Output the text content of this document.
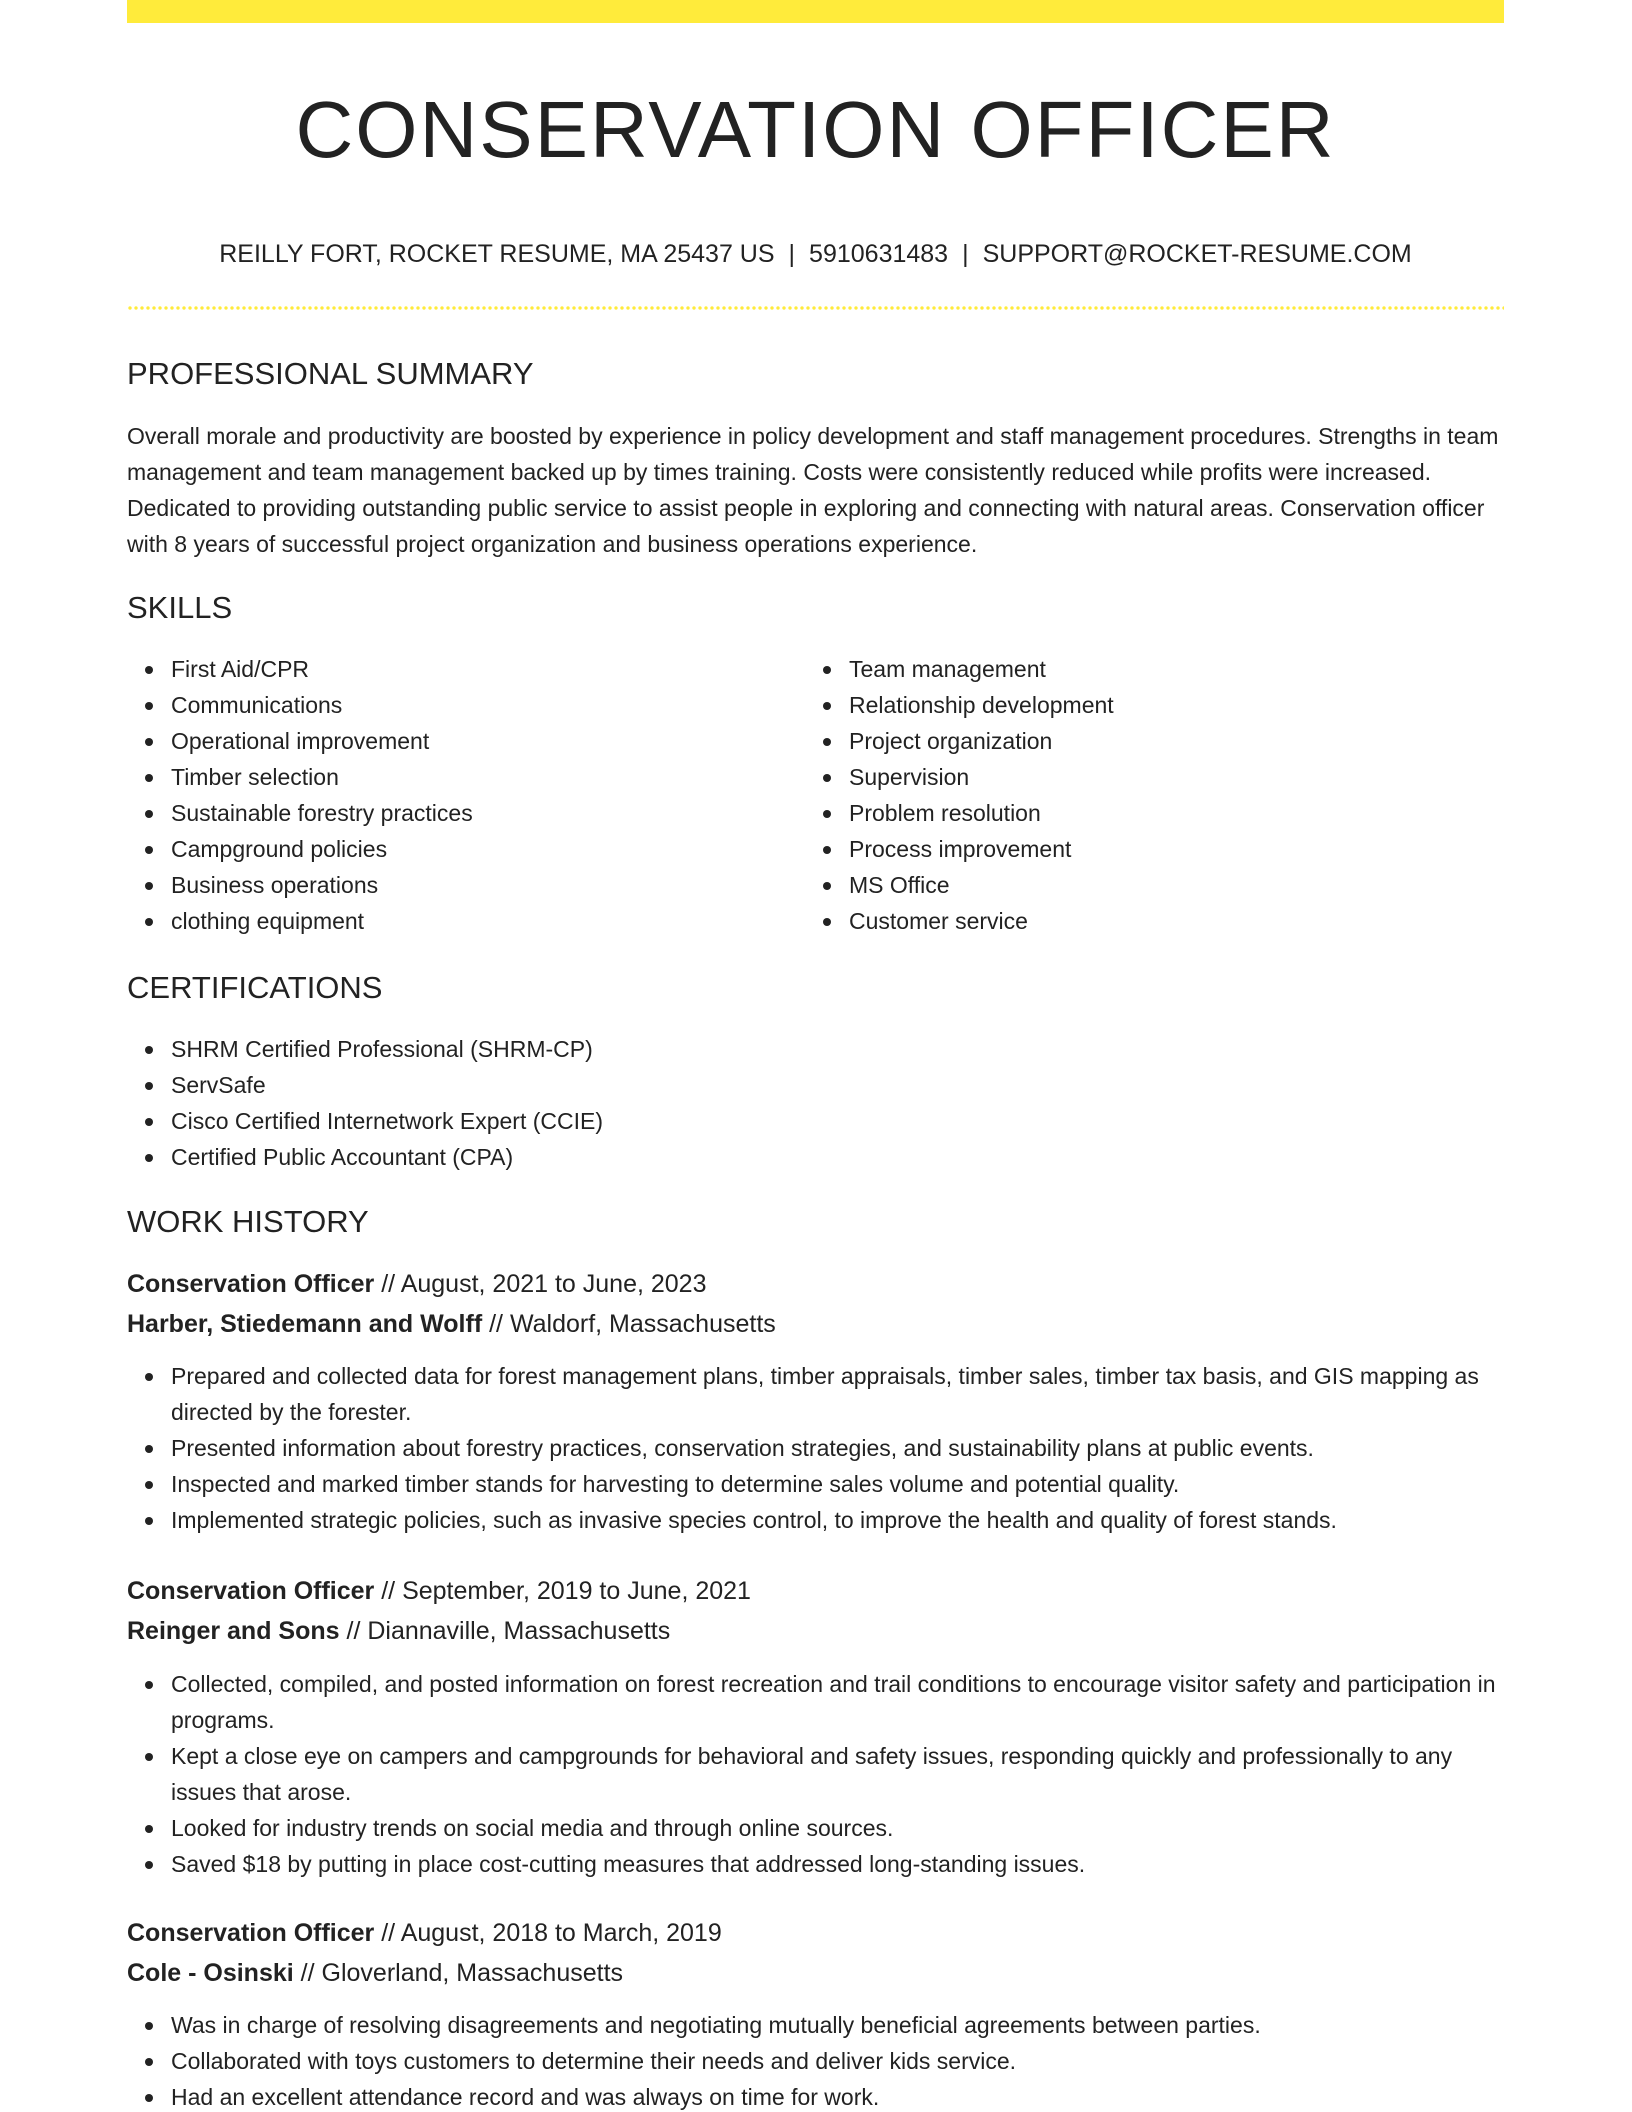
CONSERVATION OFFICER
REILLY FORT, ROCKET RESUME, MA 25437 US | 5910631483 | SUPPORT@ROCKET-RESUME.COM
PROFESSIONAL SUMMARY

Overall morale and productivity are boosted by experience in policy development and staff management procedures. Strengths in team management and team management backed up by times training. Costs were consistently reduced while profits were increased. Dedicated to providing outstanding public service to assist people in exploring and connecting with natural areas. Conservation officer with 8 years of successful project organization and business operations experience.

SKILLS
First Aid/CPR
Communications
Operational improvement
Timber selection
Sustainable forestry practices
Campground policies
Business operations
clothing equipment
Team management
Relationship development
Project organization
Supervision
Problem resolution
Process improvement
MS Office
Customer service
CERTIFICATIONS
SHRM Certified Professional (SHRM-CP)
ServSafe
Cisco Certified Internetwork Expert (CCIE)
Certified Public Accountant (CPA)
WORK HISTORY
Conservation Officer // August, 2021 to June, 2023
Harber, Stiedemann and Wolff // Waldorf, Massachusetts
Prepared and collected data for forest management plans, timber appraisals, timber sales, timber tax basis, and GIS mapping as directed by the forester.
Presented information about forestry practices, conservation strategies, and sustainability plans at public events.
Inspected and marked timber stands for harvesting to determine sales volume and potential quality.
Implemented strategic policies, such as invasive species control, to improve the health and quality of forest stands.
Conservation Officer // September, 2019 to June, 2021
Reinger and Sons // Diannaville, Massachusetts
Collected, compiled, and posted information on forest recreation and trail conditions to encourage visitor safety and participation in programs.
Kept a close eye on campers and campgrounds for behavioral and safety issues, responding quickly and professionally to any issues that arose.
Looked for industry trends on social media and through online sources.
Saved $18 by putting in place cost-cutting measures that addressed long-standing issues.
Conservation Officer // August, 2018 to March, 2019
Cole - Osinski // Gloverland, Massachusetts
Was in charge of resolving disagreements and negotiating mutually beneficial agreements between parties.
Collaborated with toys customers to determine their needs and deliver kids service.
Had an excellent attendance record and was always on time for work.
